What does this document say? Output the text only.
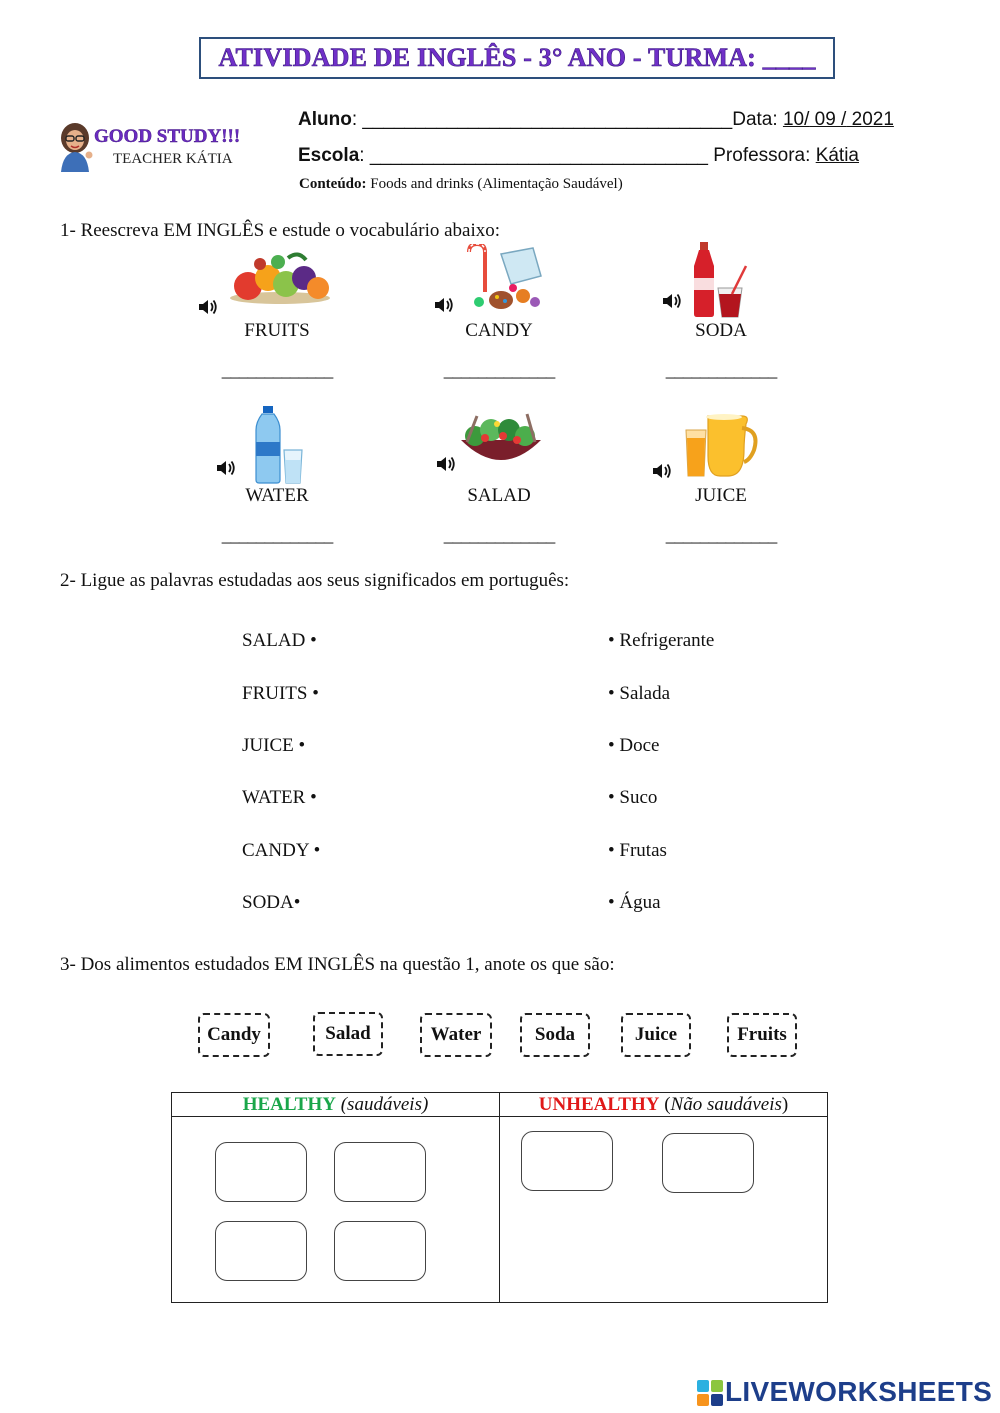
ATIVIDADE DE INGLÊS - 3° ANO - TURMA: ____
GOOD STUDY!!!
TEACHER KÁTIA
Aluno: ___________________________________Data: 10/ 09 / 2021
Escola: ________________________________ Professora: Kátia
Conteúdo: Foods and drinks (Alimentação Saudável)
1- Reescreva EM INGLÊS e estude o vocabulário abaixo:
FRUITS
_____________
CANDY
_____________
SODA
_____________
WATER
_____________
SALAD
_____________
JUICE
_____________
2- Ligue as palavras estudadas aos seus significados em português:
SALAD •
FRUITS •
JUICE •
WATER •
CANDY •
SODA•
• Refrigerante
• Salada
• Doce
• Suco
• Frutas
• Água
3- Dos alimentos estudados EM INGLÊS na questão 1, anote os que são:
Candy	Salad	Water	Soda	Juice	Fruits
HEALTHY (saudáveis)	UNHEALTHY (Não saudáveis)
LIVEWORKSHEETS
